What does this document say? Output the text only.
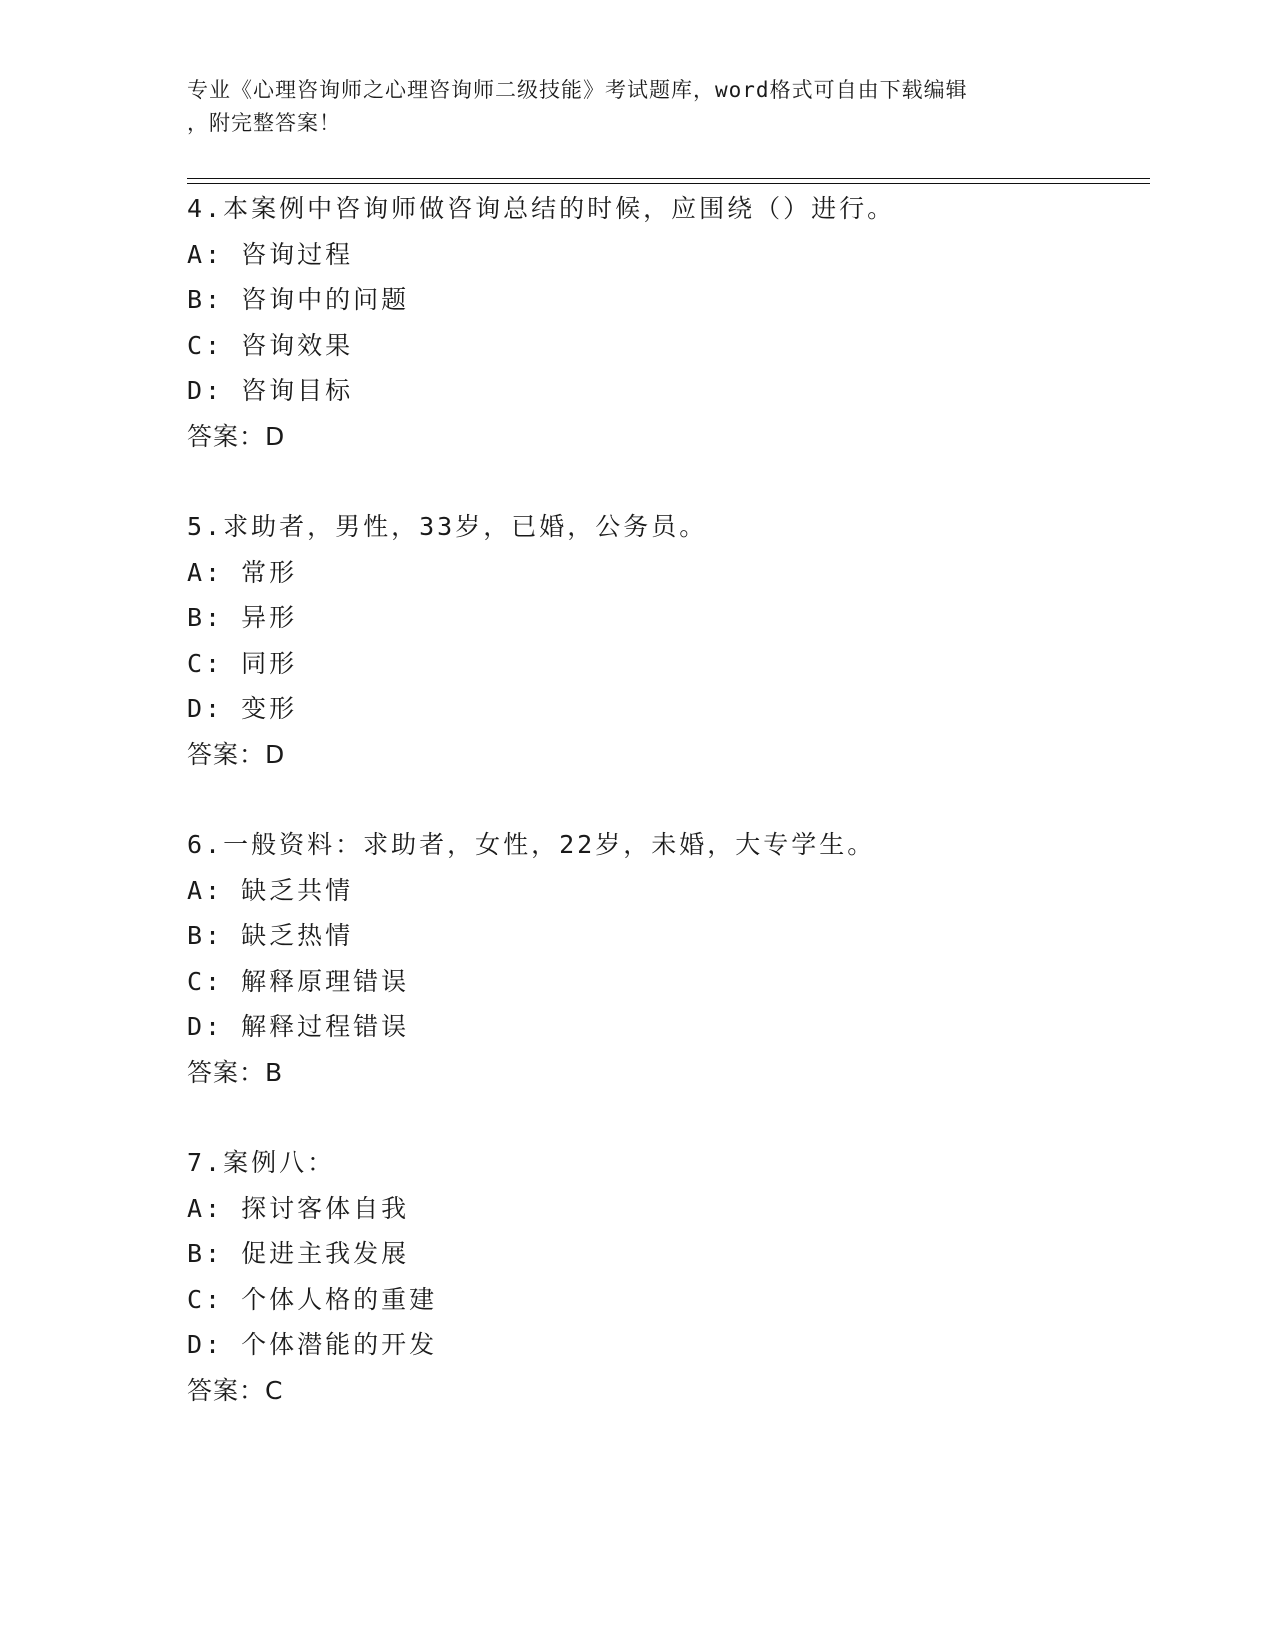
专业《心理咨询师之心理咨询师二级技能》考试题库，word格式可自由下载编辑
，附完整答案！
4.本案例中咨询师做咨询总结的时候，应围绕（）进行。
A: 咨询过程
B: 咨询中的问题
C: 咨询效果
D: 咨询目标
答案：D
5.求助者，男性，33岁，已婚，公务员。
A: 常形
B: 异形
C: 同形
D: 变形
答案：D
6.一般资料：求助者，女性，22岁，未婚，大专学生。
A: 缺乏共情
B: 缺乏热情
C: 解释原理错误
D: 解释过程错误
答案：B
7.案例八：
A: 探讨客体自我
B: 促进主我发展
C: 个体人格的重建
D: 个体潜能的开发
答案：C
